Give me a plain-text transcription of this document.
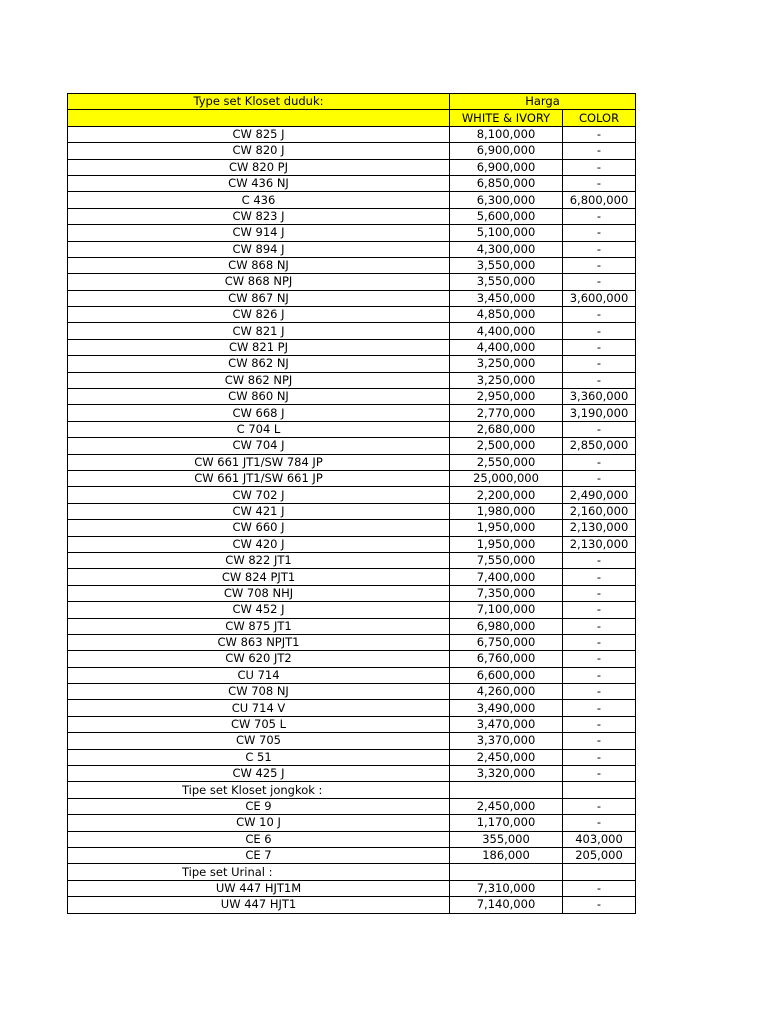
Type set Kloset duduk:	Harga	
	WHITE & IVORY	COLOR
CW 825 J	8,100,000	-
CW 820 J	6,900,000	-
CW 820 PJ	6,900,000	-
CW 436 NJ	6,850,000	-
C 436	6,300,000	6,800,000
CW 823 J	5,600,000	-
CW 914 J	5,100,000	-
CW 894 J	4,300,000	-
CW 868 NJ	3,550,000	-
CW 868 NPJ	3,550,000	-
CW 867 NJ	3,450,000	3,600,000
CW 826 J	4,850,000	-
CW 821 J	4,400,000	-
CW 821 PJ	4,400,000	-
CW 862 NJ	3,250,000	-
CW 862 NPJ	3,250,000	-
CW 860 NJ	2,950,000	3,360,000
CW 668 J	2,770,000	3,190,000
C 704 L	2,680,000	-
CW 704 J	2,500,000	2,850,000
CW 661 JT1/SW 784 JP	2,550,000	-
CW 661 JT1/SW 661 JP	25,000,000	-
CW 702 J	2,200,000	2,490,000
CW 421 J	1,980,000	2,160,000
CW 660 J	1,950,000	2,130,000
CW 420 J	1,950,000	2,130,000
CW 822 JT1	7,550,000	-
CW 824 PJT1	7,400,000	-
CW 708 NHJ	7,350,000	-
CW 452 J	7,100,000	-
CW 875 JT1	6,980,000	-
CW 863 NPJT1	6,750,000	-
CW 620 JT2	6,760,000	-
CU 714	6,600,000	-
CW 708 NJ	4,260,000	-
CU 714 V	3,490,000	-
CW 705 L	3,470,000	-
CW 705	3,370,000	-
C 51	2,450,000	-
CW 425 J	3,320,000	-
Tipe set Kloset jongkok :		
CE 9	2,450,000	-
CW 10 J	1,170,000	-
CE 6	355,000	403,000
CE 7	186,000	205,000
Tipe set Urinal :		
UW 447 HJT1M	7,310,000	-
UW 447 HJT1	7,140,000	-
